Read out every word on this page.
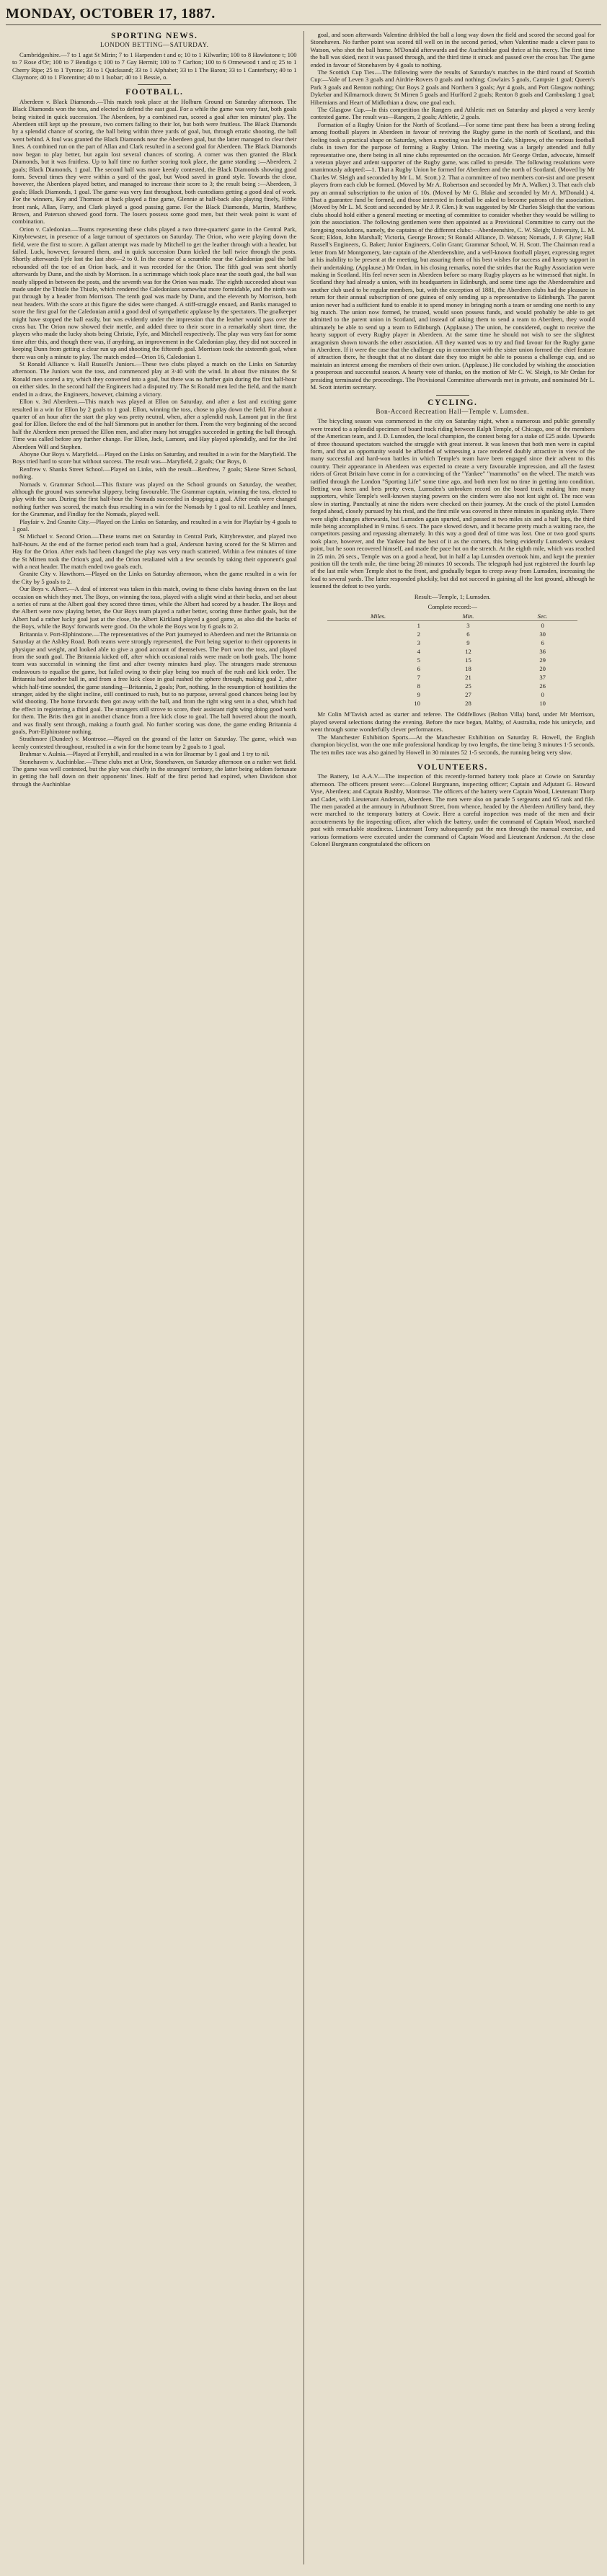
MONDAY, OCTOBER 17, 1887.
SPORTING NEWS.
LONDON BETTING—SATURDAY.

Cambridgeshire.—7 to 1 agst St Mirin; 7 to 1 Harpenden t and o; 10 to 1 Kilwarlin; 100 to 8 Hawkstone t; 100 to 7 Rose d'Or; 100 to 7 Bendigo t; 100 to 7 Gay Hermit; 100 to 7 Carlton; 100 to 6 Ormewood t and o; 25 to 1 Cherry Ripe; 25 to 1 Tyrone; 33 to 1 Quicksand; 33 to 1 Alphabet; 33 to 1 The Baron; 33 to 1 Canterbury; 40 to 1 Claymore; 40 to 1 Florentine; 40 to 1 Isobar; 40 to 1 Bessie, o.

FOOTBALL.

Aberdeen v. Black Diamonds.—This match took place at the Holburn Ground on Saturday afternoon. The Black Diamonds won the toss, and elected to defend the east goal. For a while the game was very fast, both goals being visited in quick succession. The Aberdeen, by a combined run, scored a goal after ten minutes' play. The Aberdeen still kept up the pressure, two corners falling to their lot, but both were fruitless. The Black Diamonds by a splendid chance of scoring, the ball being within three yards of goal, but, through erratic shooting, the ball went behind. A foul was granted the Black Diamonds near the Aberdeen goal, but the latter managed to clear their lines. A combined run on the part of Allan and Clark resulted in a second goal for Aberdeen. The Black Diamonds now began to play better, but again lost several chances of scoring. A corner was then granted the Black Diamonds, but it was fruitless. Up to half time no further scoring took place, the game standing :—Aberdeen, 2 goals; Black Diamonds, 1 goal. The second half was more keenly contested, the Black Diamonds showing good form. Several times they were within a yard of the goal, but Wood saved in grand style. Towards the close, however, the Aberdeen played better, and managed to increase their score to 3; the result being :—Aberdeen, 3 goals; Black Diamonds, 1 goal. The game was very fast throughout, both custodians getting a good deal of work. For the winners, Key and Thomson at back played a fine game, Glennie at half-back also playing finely, Fifthe front rank, Allan, Farry, and Clark played a good passing game. For the Black Diamonds, Martin, Matthew, Brown, and Paterson showed good form. The losers possess some good men, but their weak point is want of combination.

Orion v. Caledonian.—Teams representing these clubs played a two three-quarters' game in the Central Park, Kittybrewster, in presence of a large turnout of spectators on Saturday. The Orion, who were playing down the field, were the first to score. A gallant attempt was made by Mitchell to get the leather through with a header, but failed. Luck, however, favoured them, and in quick succession Dunn kicked the ball twice through the posts. Shortly afterwards Fyfe lost the last shot—2 to 0. In the course of a scramble near the Caledonian goal the ball rebounded off the toe of an Orion back, and it was recorded for the Orion. The fifth goal was sent shortly afterwards by Dunn, and the sixth by Morrison. In a scrimmage which took place near the south goal, the ball was neatly slipped in between the posts, and the seventh was for the Orion was made. The eighth succeeded about was made under the Thistle the Thistle, which rendered the Caledonians somewhat more formidable, and the ninth was put through by a header from Morrison. The tenth goal was made by Dunn, and the eleventh by Morrison, both neat headers. With the score at this figure the sides were changed. A stiff-struggle ensued, and Banks managed to score the first goal for the Caledonian amid a good deal of sympathetic applause by the spectators. The goalkeeper might have stopped the ball easily, but was evidently under the impression that the leather would pass over the cross bar. The Orion now showed their mettle, and added three to their score in a remarkably short time, the players who made the lucky shots being Christie, Fyfe, and Mitchell respectively. The play was very fast for some time after this, and though there was, if anything, an improvement in the Caledonian play, they did not succeed in keeping Dunn from getting a clear run up and shooting the fifteenth goal. Morrison took the sixteenth goal, when there was only a minute to play. The match ended—Orion 16, Caledonian 1.

St Ronald Alliance v. Hall Russell's Juniors.—These two clubs played a match on the Links on Saturday afternoon. The Juniors won the toss, and commenced play at 3·40 with the wind. In about five minutes the St Ronald men scored a try, which they converted into a goal, but there was no further gain during the first half-hour on either sides. In the second half the Engineers had a disputed try. The St Ronald men led the field, and the match ended in a draw, the Engineers, however, claiming a victory.

Ellon v. 3rd Aberdeen.—This match was played at Ellon on Saturday, and after a fast and exciting game resulted in a win for Ellon by 2 goals to 1 goal. Ellon, winning the toss, chose to play down the field. For about a quarter of an hour after the start the play was pretty neutral, when, after a splendid rush, Lamont put in the first goal for Ellon. Before the end of the half Simmons put in another for them. From the very beginning of the second half the Aberdeen men pressed the Ellon men, and after many hot struggles succeeded in getting the ball through. Time was called before any further change. For Ellon, Jack, Lamont, and Hay played splendidly, and for the 3rd Aberdeen Will and Stephen.

Aboyne Our Boys v. Maryfield.—Played on the Links on Saturday, and resulted in a win for the Maryfield. The Boys tried hard to score but without success. The result was—Maryfield, 2 goals; Our Boys, 0.

Renfrew v. Shanks Street School.—Played on Links, with the result—Renfrew, 7 goals; Skene Street School, nothing.

Nomads v. Grammar School.—This fixture was played on the School grounds on Saturday, the weather, although the ground was somewhat slippery, being favourable. The Grammar captain, winning the toss, elected to play with the sun. During the first half-hour the Nomads succeeded in dropping a goal. After ends were changed nothing further was scored, the match thus resulting in a win for the Nomads by 1 goal to nil. Leathley and Innes, for the Grammar, and Findlay for the Nomads, played well.

Playfair v. 2nd Granite City.—Played on the Links on Saturday, and resulted in a win for Playfair by 4 goals to 1 goal.

St Michael v. Second Orion.—These teams met on Saturday in Central Park, Kittybrewster, and played two half-hours. At the end of the former period each team had a goal, Anderson having scored for the St Mirren and Hay for the Orion. After ends had been changed the play was very much scattered. Within a few minutes of time the St Mirren took the Orion's goal, and the Orion retaliated with a few seconds by taking their opponent's goal with a neat header. The match ended two goals each.

Granite City v. Hawthorn.—Played on the Links on Saturday afternoon, when the game resulted in a win for the City by 5 goals to 2.

Our Boys v. Albert.—A deal of interest was taken in this match, owing to these clubs having drawn on the last occasion on which they met. The Boys, on winning the toss, played with a slight wind at their backs, and set about a series of runs at the Albert goal they scored three times, while the Albert had scored by a header. The Boys and the Albert were now playing better, the Our Boys team played a rather better, scoring three further goals, but the Albert had a rather lucky goal just at the close, the Albert Kirkland played a good game, as also did the backs of the Boys, while the Boys' forwards were good. On the whole the Boys won by 6 goals to 2.

Britannia v. Port-Elphinstone.—The representatives of the Port journeyed to Aberdeen and met the Britannia on Saturday at the Ashley Road. Both teams were strongly represented, the Port being superior to their opponents in physique and weight, and looked able to give a good account of themselves. The Port won the toss, and played from the south goal. The Britannia kicked off, after which occasional raids were made on both goals. The home team was successful in winning the first and after twenty minutes hard play. The strangers made strenuous endeavours to equalise the game, but failed owing to their play being too much of the rush and kick order. The Britannia had another ball in, and from a free kick close in goal rushed the sphere through, making goal 2, after which half-time sounded, the game standing—Britannia, 2 goals; Port, nothing. In the resumption of hostilities the stranger, aided by the slight incline, still continued to rush, but to no purpose, several good chances being lost by wild shooting. The home forwards then got away with the ball, and from the right wing sent in a shot, which had the effect in registering a third goal. The strangers still strove to score, their assistant right wing doing good work for them. The Brits then got in another chance from a free kick close to goal. The ball hovered about the mouth, and was finally sent through, making a fourth goal. No further scoring was done, the game ending Britannia 4 goals, Port-Elphinstone nothing.

Strathmore (Dundee) v. Montrose.—Played on the ground of the latter on Saturday. The game, which was keenly contested throughout, resulted in a win for the home team by 2 goals to 1 goal.

Brahmar v. Aulnia.—Played at Ferryhill, and resulted in a win for Braemar by 1 goal and 1 try to nil.

Stonehaven v. Auchinblae.—These clubs met at Urie, Stonehaven, on Saturday afternoon on a rather wet field. The game was well contested, but the play was chiefly in the strangers' territory, the latter being seldom fortunate in getting the ball down on their opponents' lines. Half of the first period had expired, when Davidson shot through the Auchinblae

goal, and soon afterwards Valentine dribbled the ball a long way down the field and scored the second goal for Stonehaven. No further point was scored till well on in the second period, when Valentine made a clever pass to Watson, who shot the ball home. M'Donald afterwards and the Auchinblae goal thrice at his mercy. The first time the ball was skied, next it was passed through, and the third time it struck and passed over the cross bar. The game ended in favour of Stonehaven by 4 goals to nothing.

The Scottish Cup Ties.—The following were the results of Saturday's matches in the third round of Scottish Cup:—Vale of Leven 3 goals and Airdrie-Rovers 0 goals and nothing; Cowlairs 5 goals, Campsie 1 goal; Queen's Park 3 goals and Renton nothing; Our Boys 2 goals and Northern 3 goals; Ayr 4 goals, and Port Glasgow nothing; Dykebar and Kilmarnock drawn; St Mirren 5 goals and Hurlford 2 goals; Renton 8 goals and Cambuslang 1 goal; Hibernians and Heart of Midlothian a draw, one goal each.

The Glasgow Cup.—In this competition the Rangers and Athletic met on Saturday and played a very keenly contested game. The result was—Rangers, 2 goals; Athletic, 2 goals.

Formation of a Rugby Union for the North of Scotland.—For some time past there has been a strong feeling among football players in Aberdeen in favour of reviving the Rugby game in the north of Scotland, and this feeling took a practical shape on Saturday, when a meeting was held in the Cafe, Shiprow, of the various football clubs in town for the purpose of forming a Rugby Union. The meeting was a largely attended and fully representative one, there being in all nine clubs represented on the occasion. Mr George Ordan, advocate, himself a veteran player and ardent supporter of the Rugby game, was called to preside. The following resolutions were unanimously adopted:—1. That a Rugby Union be formed for Aberdeen and the north of Scotland. (Moved by Mr Charles W. Sleigh and seconded by Mr L. M. Scott.) 2. That a committee of two members con-sist and one present players from each club be formed. (Moved by Mr A. Robertson and seconded by Mr A. Walker.) 3. That each club pay an annual subscription to the union of 10s. (Moved by Mr G. Blake and seconded by Mr A. M'Donald.) 4. That a guarantee fund be formed, and those interested in football be asked to become patrons of the association. (Moved by Mr L. M. Scott and seconded by Mr J. P. Glen.) It was suggested by Mr Charles Sleigh that the various clubs should hold either a general meeting or meeting of committee to consider whether they would be willing to join the association. The following gentlemen were then appointed as a Provisional Committee to carry out the foregoing resolutions, namely, the captains of the different clubs:—Aberdeenshire, C. W. Sleigh; University, L. M. Scott; Eldon, John Marshall; Victoria, George Brown; St Ronald Alliance, D. Watson; Nomads, J. P. Glyne; Hall Russell's Engineers, G. Baker; Junior Engineers, Colin Grant; Grammar School, W. H. Scott. The Chairman read a letter from Mr Montgomery, late captain of the Aberdeenshire, and a well-known football player, expressing regret at his inability to be present at the meeting, but assuring them of his best wishes for success and hearty support in their undertaking. (Applause.) Mr Ordan, in his closing remarks, noted the strides that the Rugby Association were making in Scotland. His feel never seen in Aberdeen before so many Rugby players as he witnessed that night. In Scotland they had already a union, with its headquarters in Edinburgh, and some time ago the Aberdeenshire and another club used to be regular members, but, with the exception of 1881, the Aberdeen clubs had the pleasure in return for their annual subscription of one guinea of only sending up a representative to Edinburgh. The parent union never had a sufficient fund to enable it to spend money in bringing north a team or sending one north to any big match. The union now formed, he trusted, would soon possess funds, and would probably be able to get admitted to the parent union in Scotland, and instead of asking them to send a team to Aberdeen, they would ultimately be able to send up a team to Edinburgh. (Applause.) The union, he considered, ought to receive the hearty support of every Rugby player in Aberdeen. At the same time he should not wish to see the slightest antagonism shown towards the other association. All they wanted was to try and find favour for the Rugby game in Aberdeen. If it were the case that the challenge cup in connection with the sister union formed the chief feature of attraction there, he thought that at no distant date they too might be able to possess a challenge cup, and so maintain an interest among the members of their own union. (Applause.) He concluded by wishing the association a prosperous and successful season. A hearty vote of thanks, on the motion of Mr C. W. Sleigh, to Mr Ordan for presiding terminated the proceedings. The Provisional Committee afterwards met in private, and nominated Mr L. M. Scott interim secretary.

CYCLING.
Bon-Accord Recreation Hall—Temple v. Lumsden.

The bicycling season was commenced in the city on Saturday night, when a numerous and public generally were treated to a splendid specimen of board track riding between Ralph Temple, of Chicago, one of the members of the American team, and J. D. Lumsden, the local champion, the contest being for a stake of £25 aside. Upwards of three thousand spectators watched the struggle with great interest. It was known that both men were in capital form, and that an opportunity would be afforded of witnessing a race rendered doubly attractive in view of the many successful and hard-won battles in which Temple's team have been engaged since their advent to this country. Their appearance in Aberdeen was expected to create a very favourable impression, and all the fastest riders of Great Britain have come in for a convincing of the "Yankee" "mammoths" on the wheel. The match was ratified through the London "Sporting Life" some time ago, and both men lost no time in getting into condition. Betting was keen and bets pretty even, Lumsden's unbroken record on the board track making him many supporters, while Temple's well-known staying powers on the cinders were also not lost sight of. The race was slow in starting. Punctually at nine the riders were checked on their journey. At the crack of the pistol Lumsden forged ahead, closely pursued by his rival, and the first mile was covered in three minutes in spanking style. There were slight changes afterwards, but Lumsden again spurted, and passed at two miles six and a half laps, the third mile being accomplished in 9 mins. 6 secs. The pace slowed down, and it became pretty much a waiting race, the competitors passing and repassing alternately. In this way a good deal of time was lost. One or two good spurts took place, however, and the Yankee had the best of it as the corners, this being evidently Lumsden's weakest point, but he soon recovered himself, and made the pace hot on the stretch. At the eighth mile, which was reached in 25 min. 26 secs., Temple was on a good a head, but in half a lap Lumsden overtook him, and kept the premier position till the tenth mile, the time being 28 minutes 10 seconds. The telegraph had just registered the fourth lap of the last mile when Temple shot to the front, and gradually began to creep away from Lumsden, increasing the lead to several yards. The latter responded pluckily, but did not succeed in gaining all the lost ground, although he lessened the defeat to two yards.

Result:—Temple, 1; Lumsden.
Complete record:—
Miles.	Min.	Sec.
1	3	0
2	6	30
3	9	6
4	12	36
5	15	29
6	18	20
7	21	37
8	25	26
9	27	0
10	28	10

Mr Colin M'Tavish acted as starter and referee. The Oddfellows (Bolton Villa) band, under Mr Morrison, played several selections during the evening. Before the race began, Maltby, of Australia, rode his unicycle, and went through some wonderfully clever performances.

The Manchester Exhibition Sports.—At the Manchester Exhibition on Saturday R. Howell, the English champion bicyclist, won the one mile professional handicap by two lengths, the time being 3 minutes 1·5 seconds. The ten miles race was also gained by Howell in 30 minutes 52 1-5 seconds, the running being very slow.

VOLUNTEERS.

The Battery, 1st A.A.V.—The inspection of this recently-formed battery took place at Cowie on Saturday afternoon. The officers present were:—Colonel Burgmann, inspecting officer; Captain and Adjutant G. Howard Vyse, Aberdeen; and Captain Bushby, Montrose. The officers of the battery were Captain Wood, Lieutenant Thorp and Cadet, with Lieutenant Anderson, Aberdeen. The men were also on parade 5 sergeants and 65 rank and file. The men paraded at the armoury in Arbuthnott Street, from whence, headed by the Aberdeen Artillery band, they were marched to the temporary battery at Cowie. Here a careful inspection was made of the men and their accoutrements by the inspecting officer, after which the battery, under the command of Captain Wood, marched past with remarkable steadiness. Lieutenant Torry subsequently put the men through the manual exercise, and various formations were executed under the command of Captain Wood and Lieutenant Anderson. At the close Colonel Burgmann congratulated the officers on
